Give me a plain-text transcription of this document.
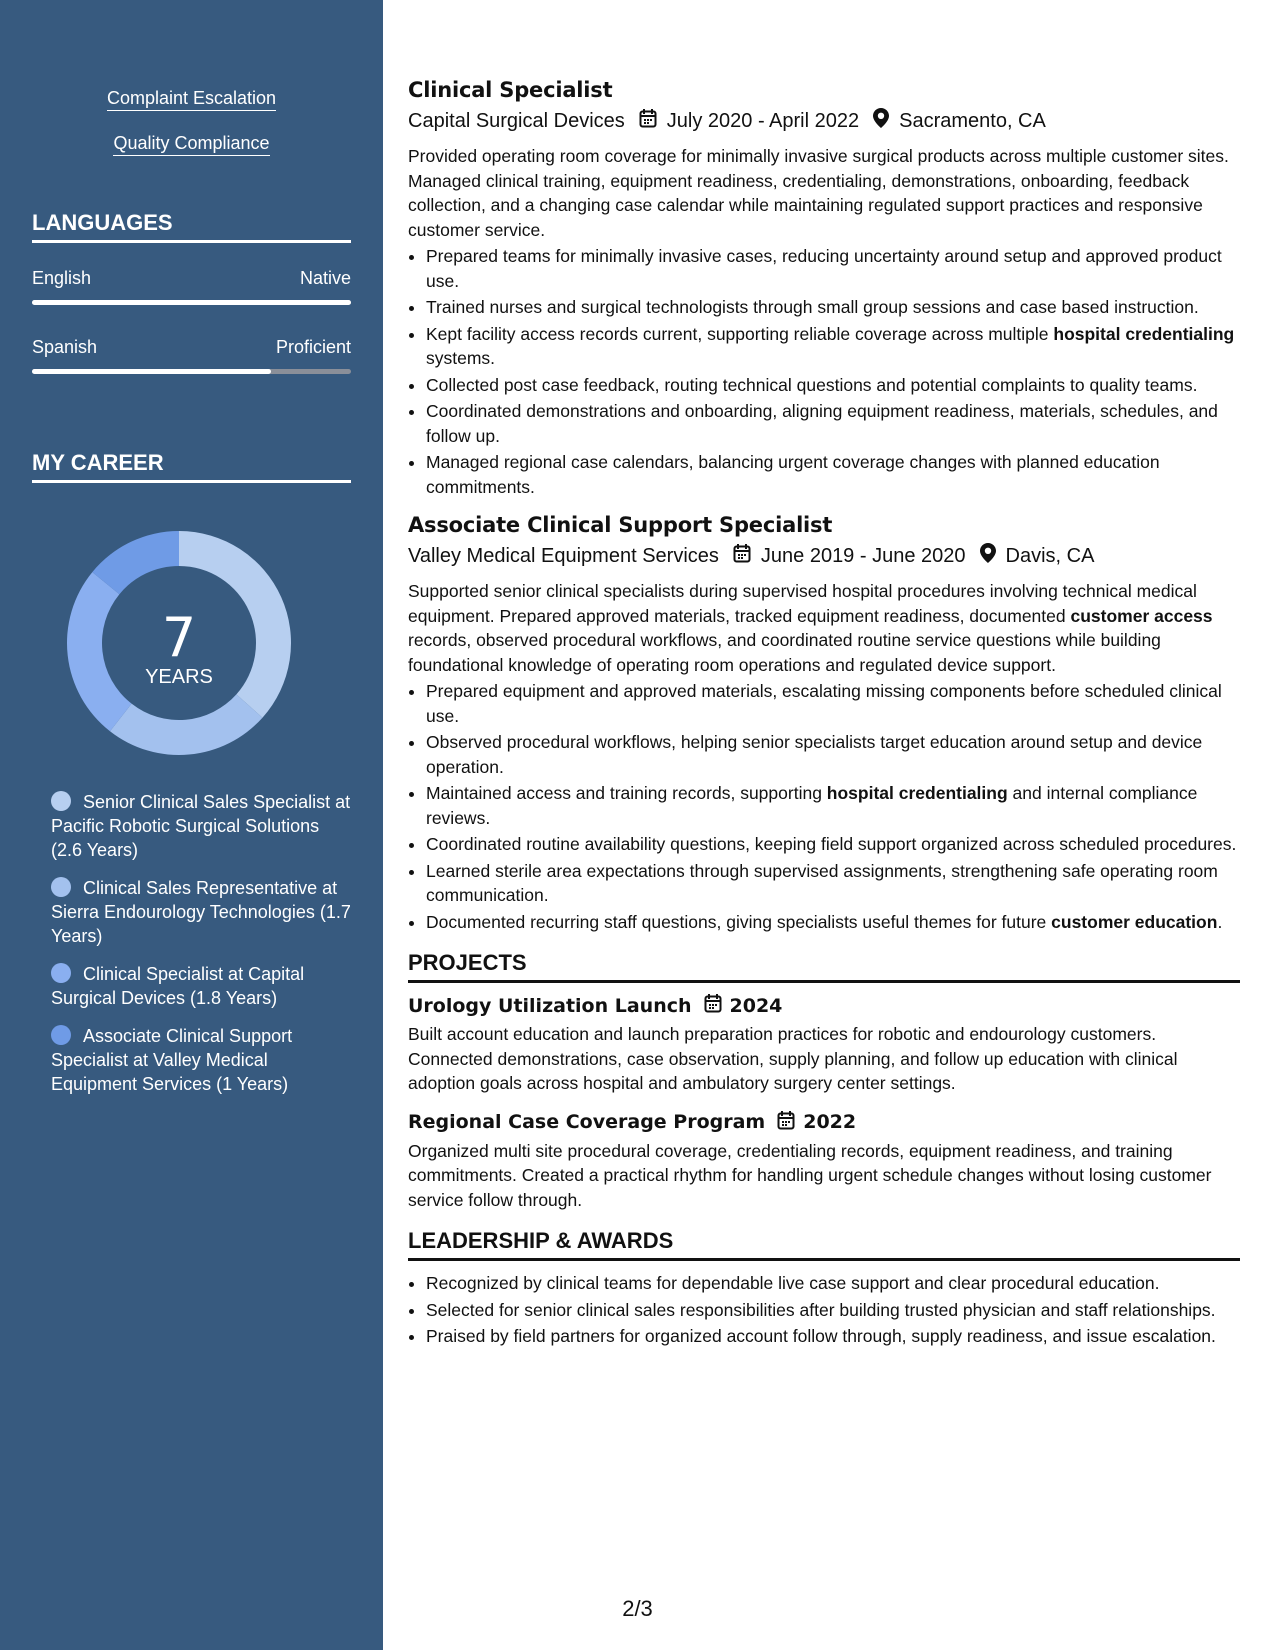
Complaint Escalation
Quality Compliance
LANGUAGES
English	Native
Spanish	Proficient
MY CAREER
7
YEARS
Senior Clinical Sales Specialist at Pacific Robotic Surgical Solutions (2.6 Years)
Clinical Sales Representative at Sierra Endourology Technologies (1.7 Years)
Clinical Specialist at Capital Surgical Devices (1.8 Years)
Associate Clinical Support Specialist at Valley Medical Equipment Services (1 Years)
Clinical Specialist
Capital Surgical Devices July 2020 - April 2022 Sacramento, CA

Provided operating room coverage for minimally invasive surgical products across multiple customer sites. Managed clinical training, equipment readiness, credentialing, demonstrations, onboarding, feedback collection, and a changing case calendar while maintaining regulated support practices and responsive customer service.

• Prepared teams for minimally invasive cases, reducing uncertainty around setup and approved product use.
• Trained nurses and surgical technologists through small group sessions and case based instruction.
• Kept facility access records current, supporting reliable coverage across multiple hospital credentialing systems.
• Collected post case feedback, routing technical questions and potential complaints to quality teams.
• Coordinated demonstrations and onboarding, aligning equipment readiness, materials, schedules, and follow up.
• Managed regional case calendars, balancing urgent coverage changes with planned education commitments.
Associate Clinical Support Specialist
Valley Medical Equipment Services June 2019 - June 2020 Davis, CA

Supported senior clinical specialists during supervised hospital procedures involving technical medical equipment. Prepared approved materials, tracked equipment readiness, documented customer access records, observed procedural workflows, and coordinated routine service questions while building foundational knowledge of operating room operations and regulated device support.

• Prepared equipment and approved materials, escalating missing components before scheduled clinical use.
• Observed procedural workflows, helping senior specialists target education around setup and device operation.
• Maintained access and training records, supporting hospital credentialing and internal compliance reviews.
• Coordinated routine availability questions, keeping field support organized across scheduled procedures.
• Learned sterile area expectations through supervised assignments, strengthening safe operating room communication.
• Documented recurring staff questions, giving specialists useful themes for future customer education.
PROJECTS
Urology Utilization Launch 2024

Built account education and launch preparation practices for robotic and endourology customers. Connected demonstrations, case observation, supply planning, and follow up education with clinical adoption goals across hospital and ambulatory surgery center settings.

Regional Case Coverage Program 2022

Organized multi site procedural coverage, credentialing records, equipment readiness, and training commitments. Created a practical rhythm for handling urgent schedule changes without losing customer service follow through.

LEADERSHIP & AWARDS
• Recognized by clinical teams for dependable live case support and clear procedural education.
• Selected for senior clinical sales responsibilities after building trusted physician and staff relationships.
• Praised by field partners for organized account follow through, supply readiness, and issue escalation.
2/3
